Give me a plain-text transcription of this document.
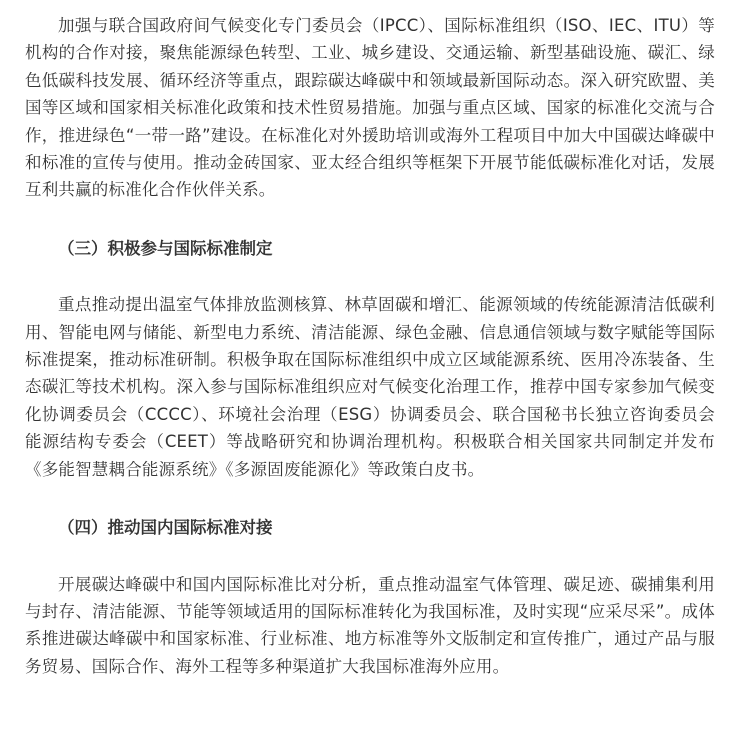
加强与联合国政府间气候变化专门委员会（IPCC）、国际标准组织（ISO、IEC、ITU）等机构的合作对接，聚焦能源绿色转型、工业、城乡建设、交通运输、新型基础设施、碳汇、绿色低碳科技发展、循环经济等重点，跟踪碳达峰碳中和领域最新国际动态。深入研究欧盟、美国等区域和国家相关标准化政策和技术性贸易措施。加强与重点区域、国家的标准化交流与合作，推进绿色“一带一路”建设。在标准化对外援助培训或海外工程项目中加大中国碳达峰碳中和标准的宣传与使用。推动金砖国家、亚太经合组织等框架下开展节能低碳标准化对话，发展互利共赢的标准化合作伙伴关系。

（三）积极参与国际标准制定

重点推动提出温室气体排放监测核算、林草固碳和增汇、能源领域的传统能源清洁低碳利用、智能电网与储能、新型电力系统、清洁能源、绿色金融、信息通信领域与数字赋能等国际标准提案，推动标准研制。积极争取在国际标准组织中成立区域能源系统、医用冷冻装备、生态碳汇等技术机构。深入参与国际标准组织应对气候变化治理工作，推荐中国专家参加气候变化协调委员会（CCCC）、环境社会治理（ESG）协调委员会、联合国秘书长独立咨询委员会能源结构专委会（CEET）等战略研究和协调治理机构。积极联合相关国家共同制定并发布《多能智慧耦合能源系统》《多源固废能源化》等政策白皮书。

（四）推动国内国际标准对接

开展碳达峰碳中和国内国际标准比对分析，重点推动温室气体管理、碳足迹、碳捕集利用与封存、清洁能源、节能等领域适用的国际标准转化为我国标准，及时实现“应采尽采”。成体系推进碳达峰碳中和国家标准、行业标准、地方标准等外文版制定和宣传推广，通过产品与服务贸易、国际合作、海外工程等多种渠道扩大我国标准海外应用。
